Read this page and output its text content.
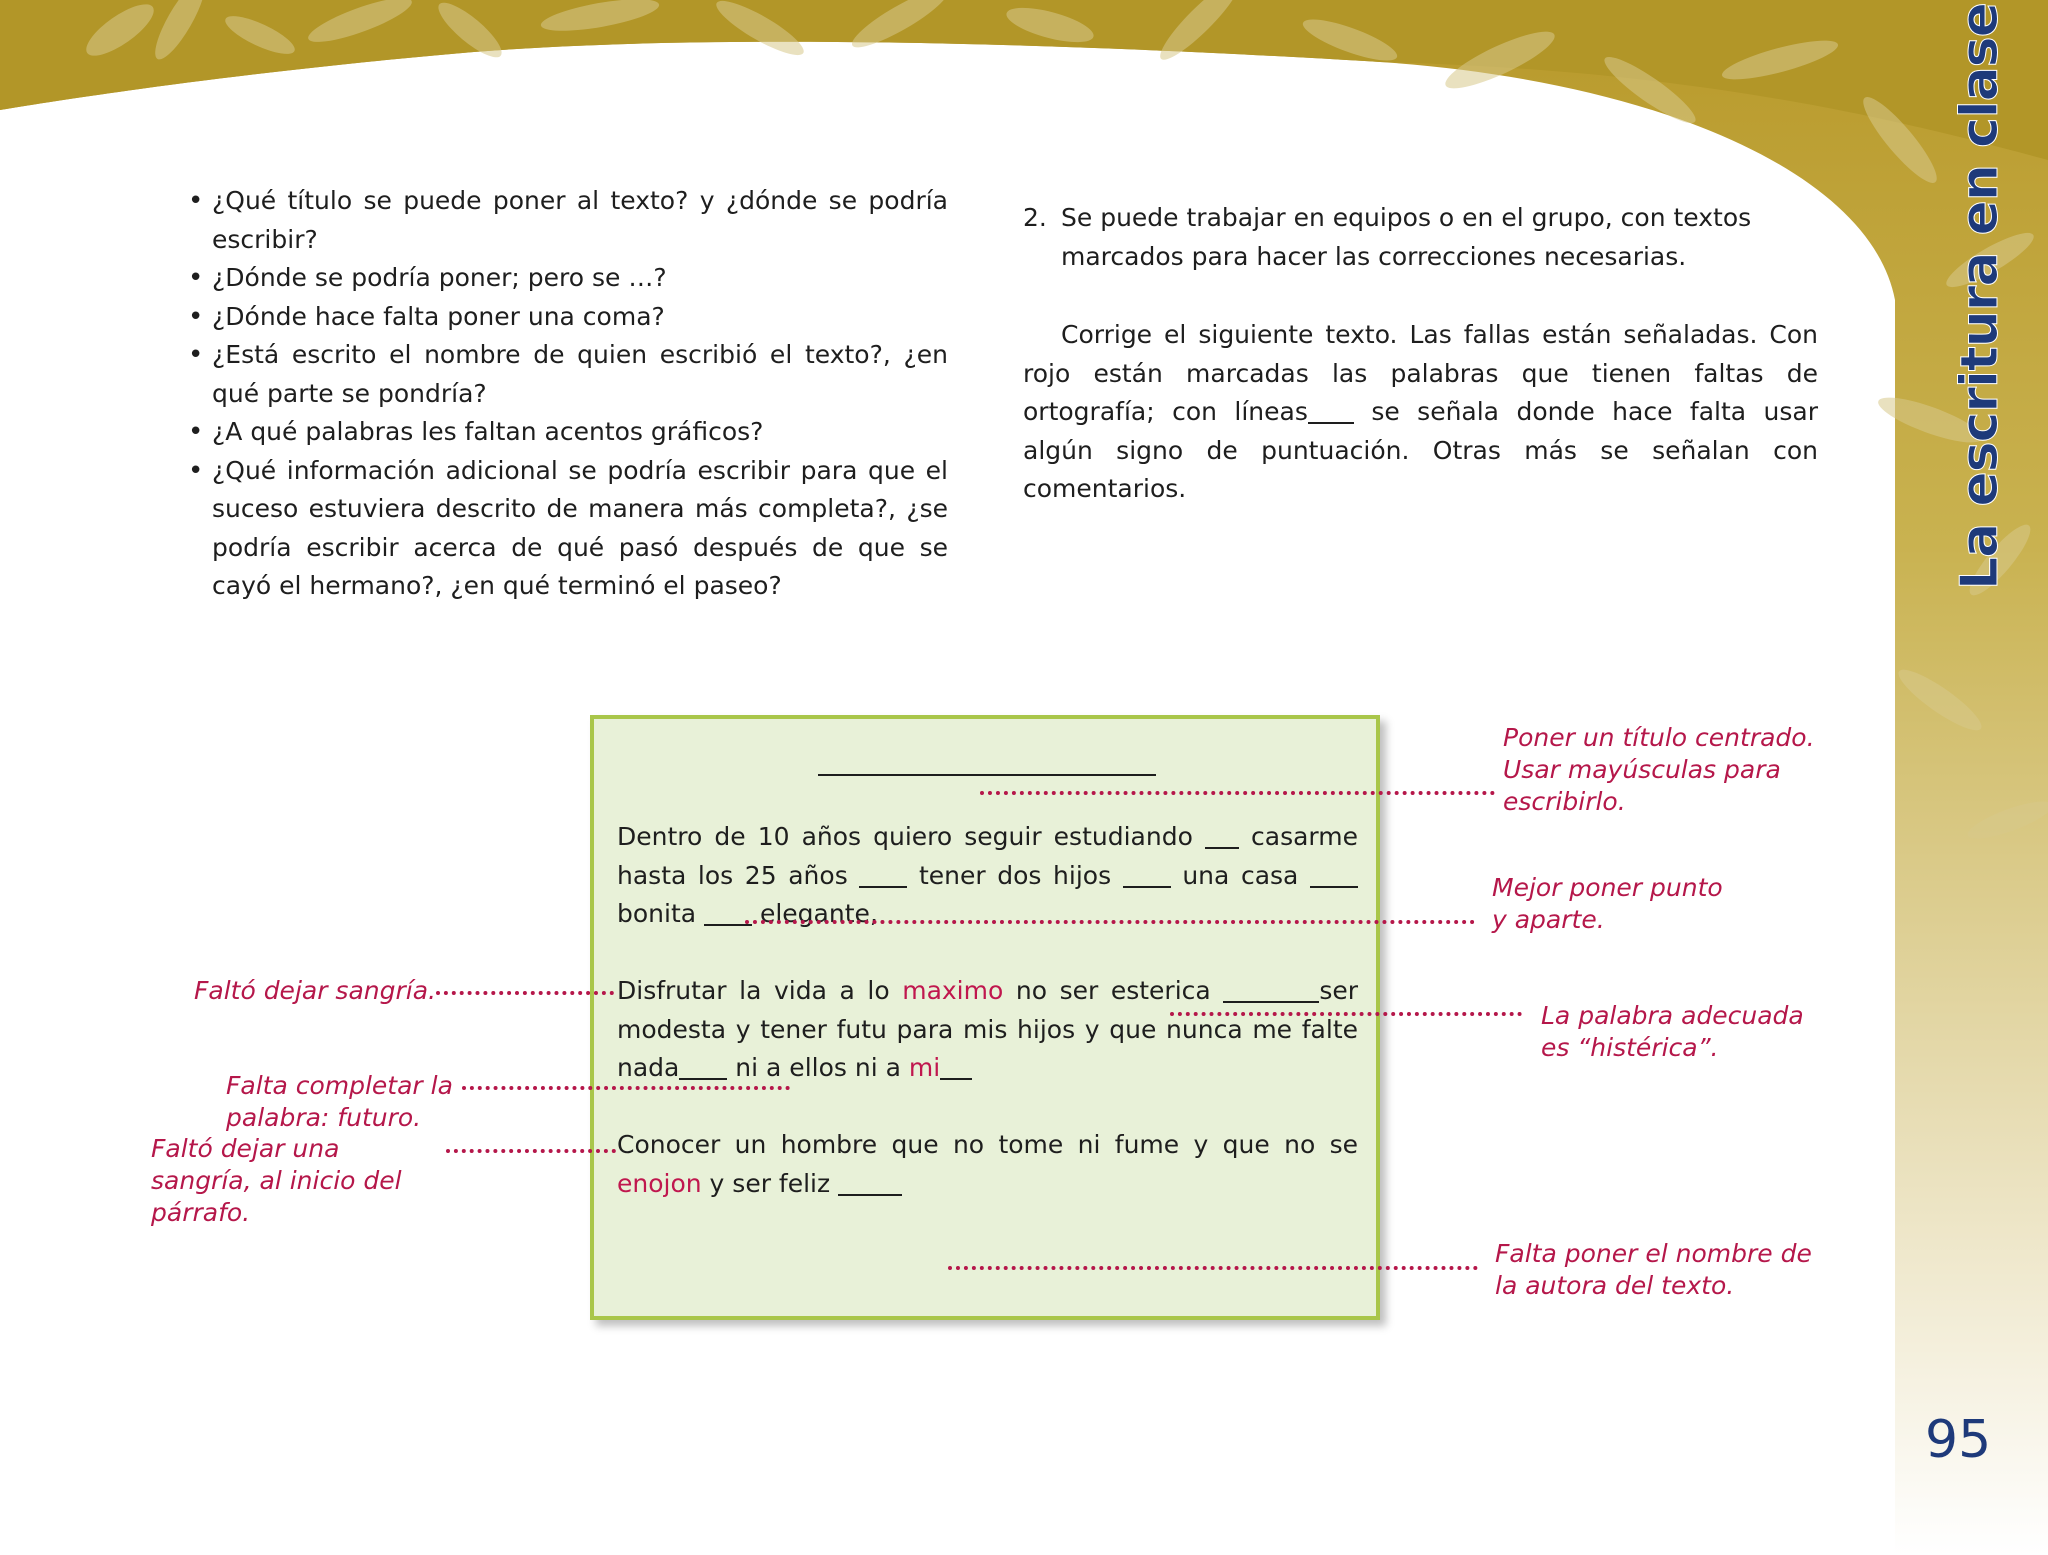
La escritura en clase
• ¿Qué título se puede poner al texto? y ¿dónde se podría escribir?
• ¿Dónde se podría poner; pero se …?
• ¿Dónde hace falta poner una coma?
• ¿Está escrito el nombre de quien escribió el texto?, ¿en qué parte se pondría?
• ¿A qué palabras les faltan acentos gráficos?
• ¿Qué información adicional se podría escribir para que el suceso estuviera descrito de manera más completa?, ¿se podría escribir acerca de qué pasó después de que se cayó el hermano?, ¿en qué terminó el paseo?
2. Se puede trabajar en equipos o en el grupo, con textos marcados para hacer las correcciones necesarias.
Corrige el siguiente texto. Las fallas están señaladas. Con rojo están marcadas las palabras que tienen faltas de ortografía; con líneas se señala donde hace falta usar algún signo de puntuación. Otras más se señalan con comentarios.
Dentro de 10 años quiero seguir estudiando  casarme hasta los 25 años  tener dos hijos  una casa  bonita  elegante,
Disfrutar la vida a lo maximo no ser esterica	ser modesta y tener futu para mis hijos y que nunca me falte nada ni a ellos ni a mi
Conocer un hombre que no tome ni fume y que no se enojon y ser feliz
Poner un título centrado. Usar mayúsculas para escribirlo.
Mejor poner punto y aparte.
Faltó dejar sangría.
La palabra adecuada es “histérica”.
Falta completar la palabra: futuro.
Faltó dejar una sangría, al inicio del párrafo.
Falta poner el nombre de la autora del texto.
95
